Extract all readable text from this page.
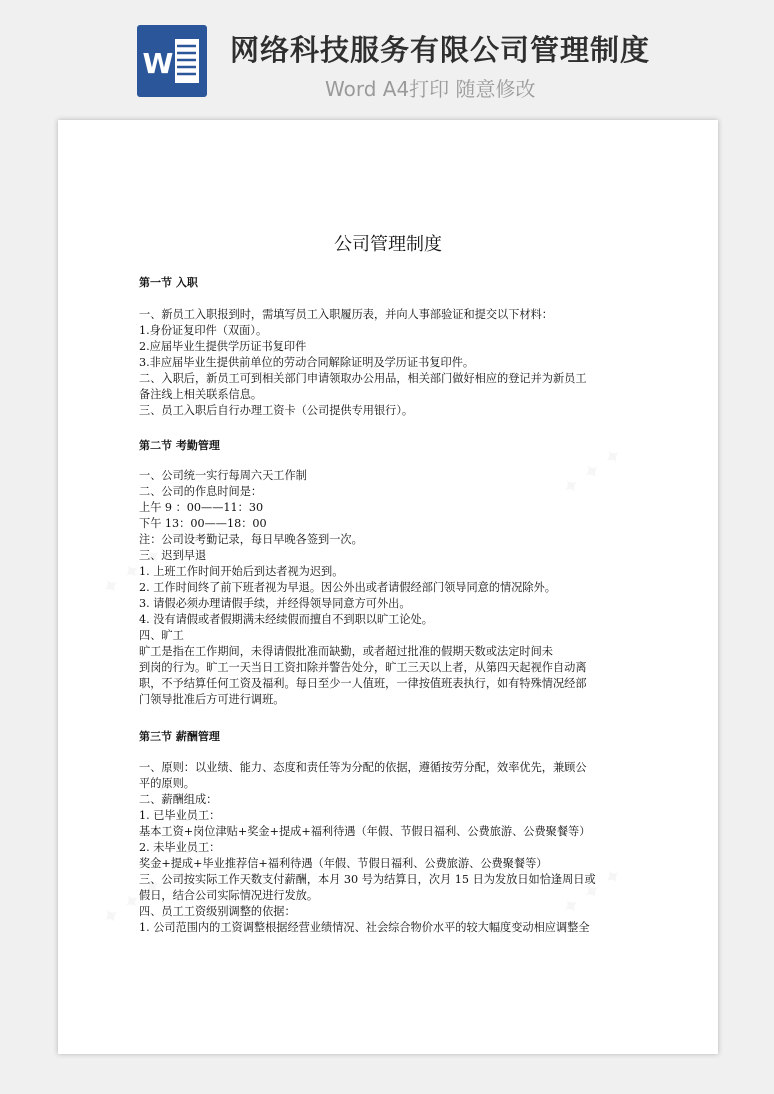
W 网络科技服务有限公司管理制度
Word A4打印 随意修改
公司管理制度
第一节 入职
一、新员工入职报到时，需填写员工入职履历表，并向人事部验证和提交以下材料：
1.身份证复印件（双面）。
2.应届毕业生提供学历证书复印件
3.非应届毕业生提供前单位的劳动合同解除证明及学历证书复印件。
二、入职后，新员工可到相关部门申请领取办公用品，相关部门做好相应的登记并为新员工
备注线上相关联系信息。
三、员工入职后自行办理工资卡（公司提供专用银行）。
第二节 考勤管理
一、公司统一实行每周六天工作制
二、公司的作息时间是：
上午 9 ：00——11：30
下午 13：00——18：00
注：公司设考勤记录，每日早晚各签到一次。
三、迟到早退
1. 上班工作时间开始后到达者视为迟到。
2. 工作时间终了前下班者视为早退。因公外出或者请假经部门领导同意的情况除外。
3. 请假必须办理请假手续，并经得领导同意方可外出。
4. 没有请假或者假期满未经续假而擅自不到职以旷工论处。
四、旷工
旷工是指在工作期间，未得请假批准而缺勤，或者超过批准的假期天数或法定时间未
到岗的行为。旷工一天当日工资扣除并警告处分，旷工三天以上者，从第四天起视作自动离
职，不予结算任何工资及福利。每日至少一人值班，一律按值班表执行，如有特殊情况经部
门领导批准后方可进行调班。
第三节 薪酬管理
一、原则：以业绩、能力、态度和责任等为分配的依据，遵循按劳分配，效率优先，兼顾公
平的原则。
二、薪酬组成：
1. 已毕业员工：
基本工资+岗位津贴+奖金+提成+福利待遇（年假、节假日福利、公费旅游、公费聚餐等）
2. 未毕业员工：
奖金+提成+毕业推荐信+福利待遇（年假、节假日福利、公费旅游、公费聚餐等）
三、公司按实际工作天数支付薪酬，本月 30 号为结算日，次月 15 日为发放日如恰逢周日或
假日，结合公司实际情况进行发放。
四、员工工资级别调整的依据：
1. 公司范围内的工资调整根据经营业绩情况、社会综合物价水平的较大幅度变动相应调整全
